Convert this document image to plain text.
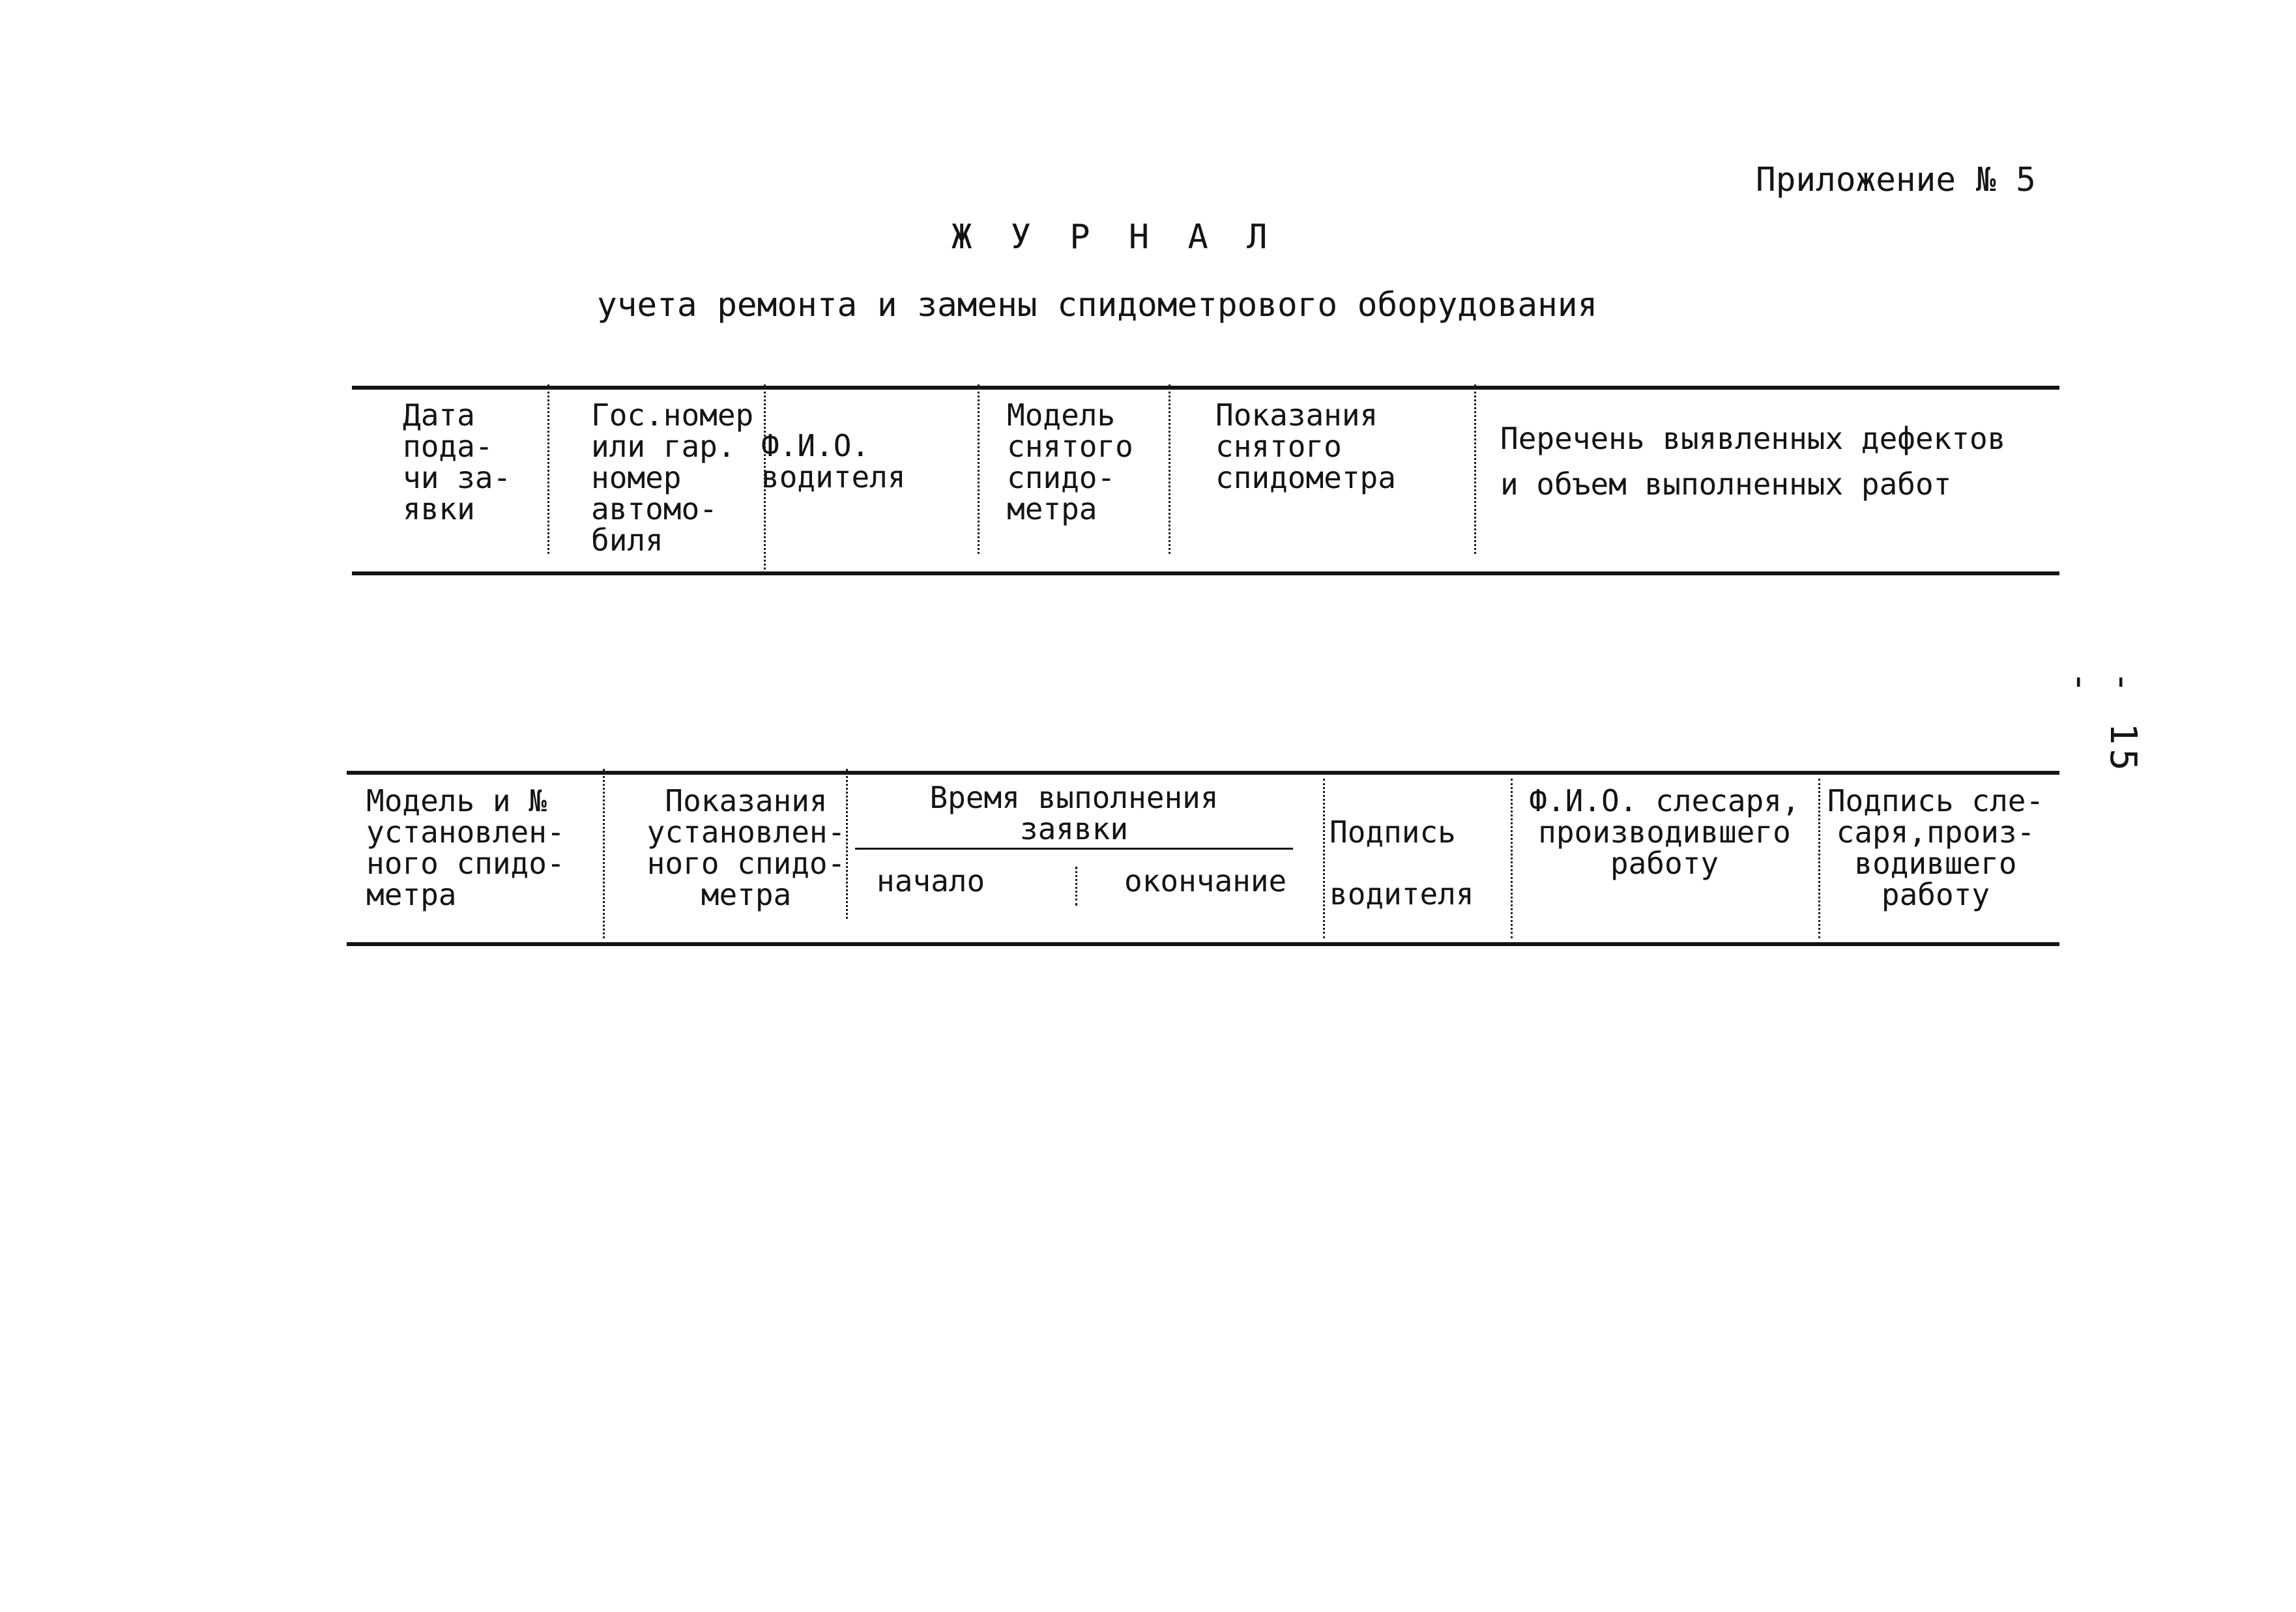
Приложение № 5
Ж У Р Н А Л
учета ремонта и замены спидометрового оборудования
Дата
пода-
чи за-
явки
Гос.номер
или гар.
номер
автомо-
биля
Ф.И.О.
водителя
Модель
снятого
спидо-
метра
Показания
снятого
спидометра
Перечень выявленных дефектов
и объем выполненных работ
Модель и №
установлен-
ного спидо-
метра
Показания
установлен-
ного спидо-
метра
Время выполнения
заявки
начало	окончание
Подпись
водителя
Ф.И.О. слесаря,
производившего
работу
Подпись сле-
саря,произ-
водившего
работу
- 15 -
